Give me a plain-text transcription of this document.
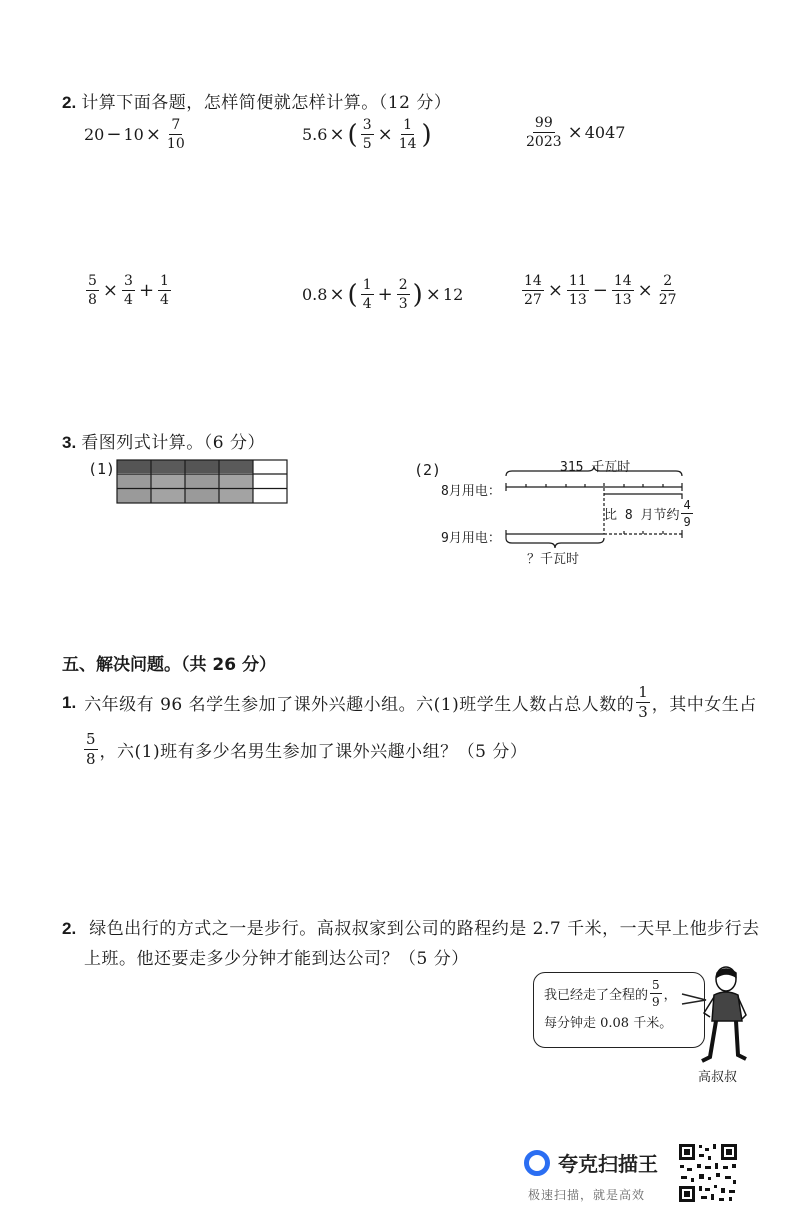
2. 计算下面各题，怎样简便就怎样计算。（12 分）
$20 - 10 \times \frac{7}{10}$	5.6 × ( $\frac{3}{5} \times \frac{1}{14}$ )	$\frac{99}{2023} \times 4047$
$\frac{5}{8} \times \frac{3}{4} + \frac{1}{4}$	0.8 × ( $\frac{1}{4} + \frac{2}{3}$ ) × 12	$\frac{14}{27} \times \frac{11}{13} - \frac{14}{13} \times \frac{2}{27}$
3. 看图列式计算。（6 分）
(1)	(2)	315 千瓦时
8月用电：
9月用电：
比 8 月节约 $\frac{4}{9}$
？千瓦时
五、解决问题。（共 26 分）
1. 六年级有 96 名学生参加了课外兴趣小组。六(1)班学生人数占总人数的 $\frac{1}{3}$ ，其中女生占
$\frac{5}{8}$ ，六(1)班有多少名男生参加了课外兴趣小组？（5 分）
2. 绿色出行的方式之一是步行。高叔叔家到公司的路程约是 2.7 千米，一天早上他步行去
上班。他还要走多少分钟才能到达公司？（5 分）
我已经走了全程的 $\frac{5}{9}$ ，
每分钟走 0.08 千米。
高叔叔
夸克扫描王
极速扫描，就是高效
